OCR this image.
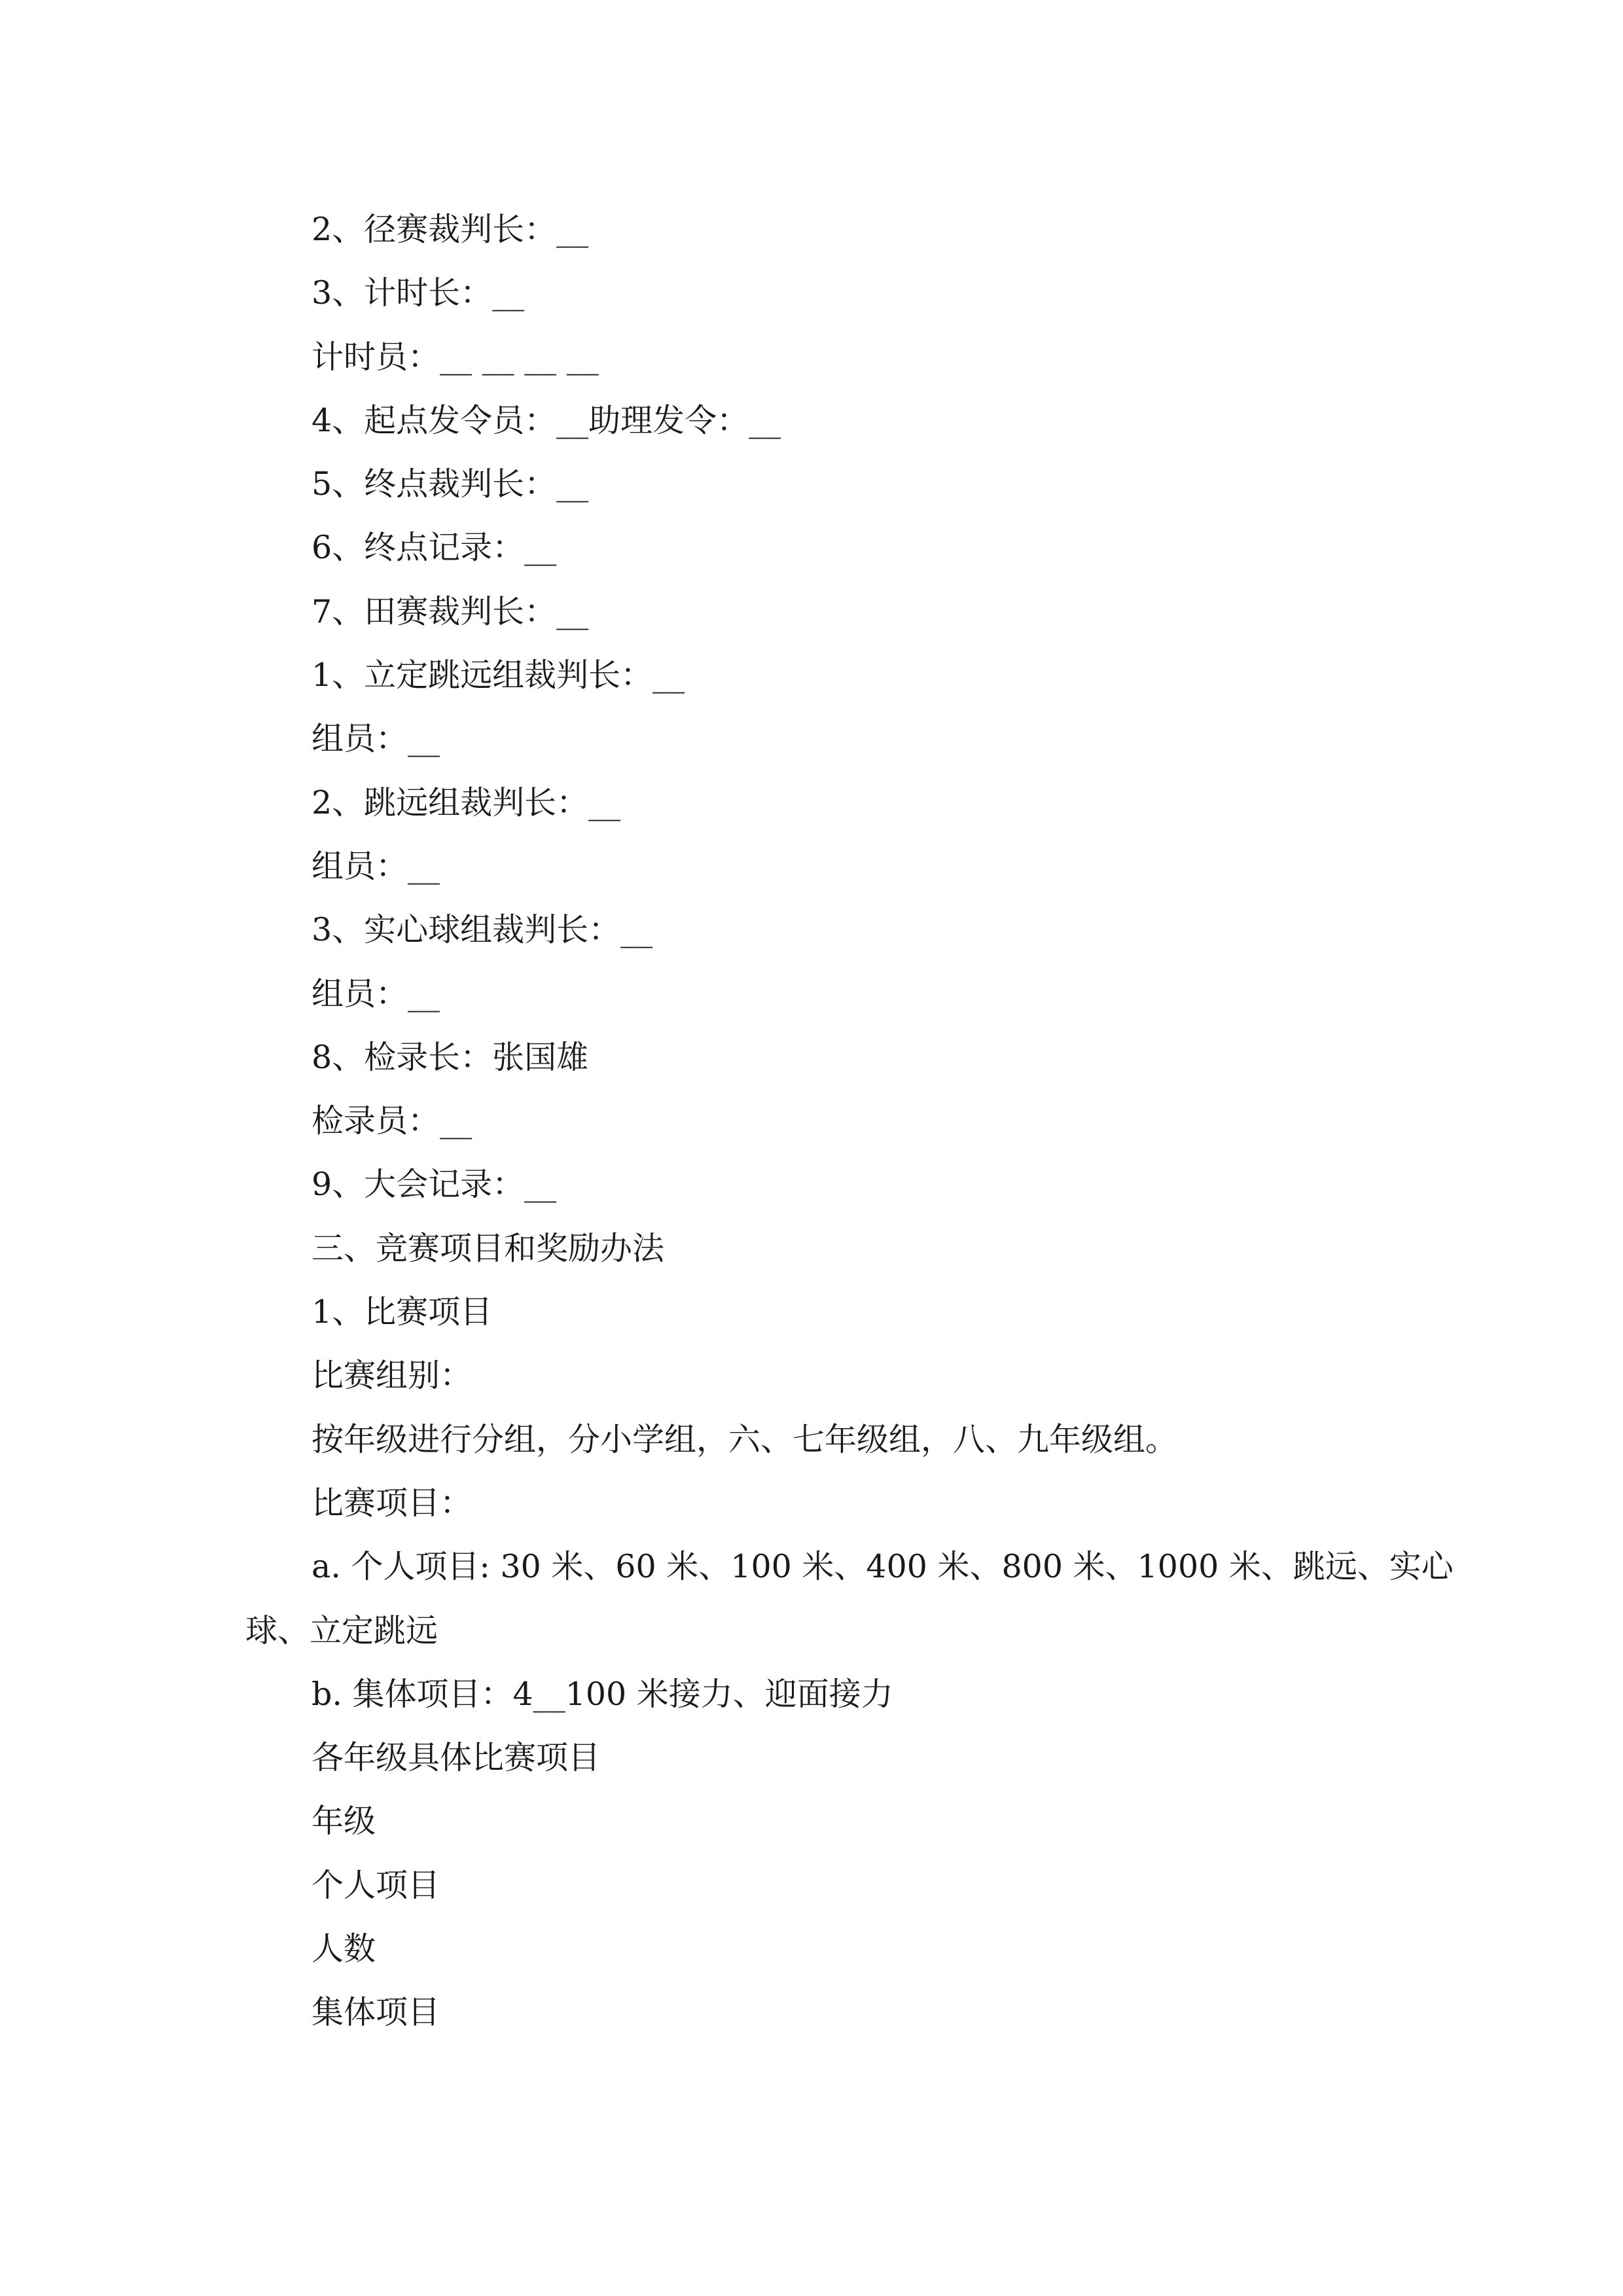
2、径赛裁判长：__

3、计时长：__

计时员：__ __ __ __

4、起点发令员：__助理发令：__

5、终点裁判长：__

6、终点记录：__

7、田赛裁判长：__

1、立定跳远组裁判长：__

组员：__

2、跳远组裁判长：__

组员：__

3、实心球组裁判长：__

组员：__

8、检录长：张国雄

检录员：__

9、大会记录：__

三、竞赛项目和奖励办法

1、比赛项目

比赛组别：

按年级进行分组，分小学组，六、七年级组，八、九年级组。

比赛项目：

a. 个人项目: 30 米、60 米、100 米、400 米、800 米、1000 米、跳远、实心

球、立定跳远

b. 集体项目：4__100 米接力、迎面接力

各年级具体比赛项目

年级

个人项目

人数

集体项目
